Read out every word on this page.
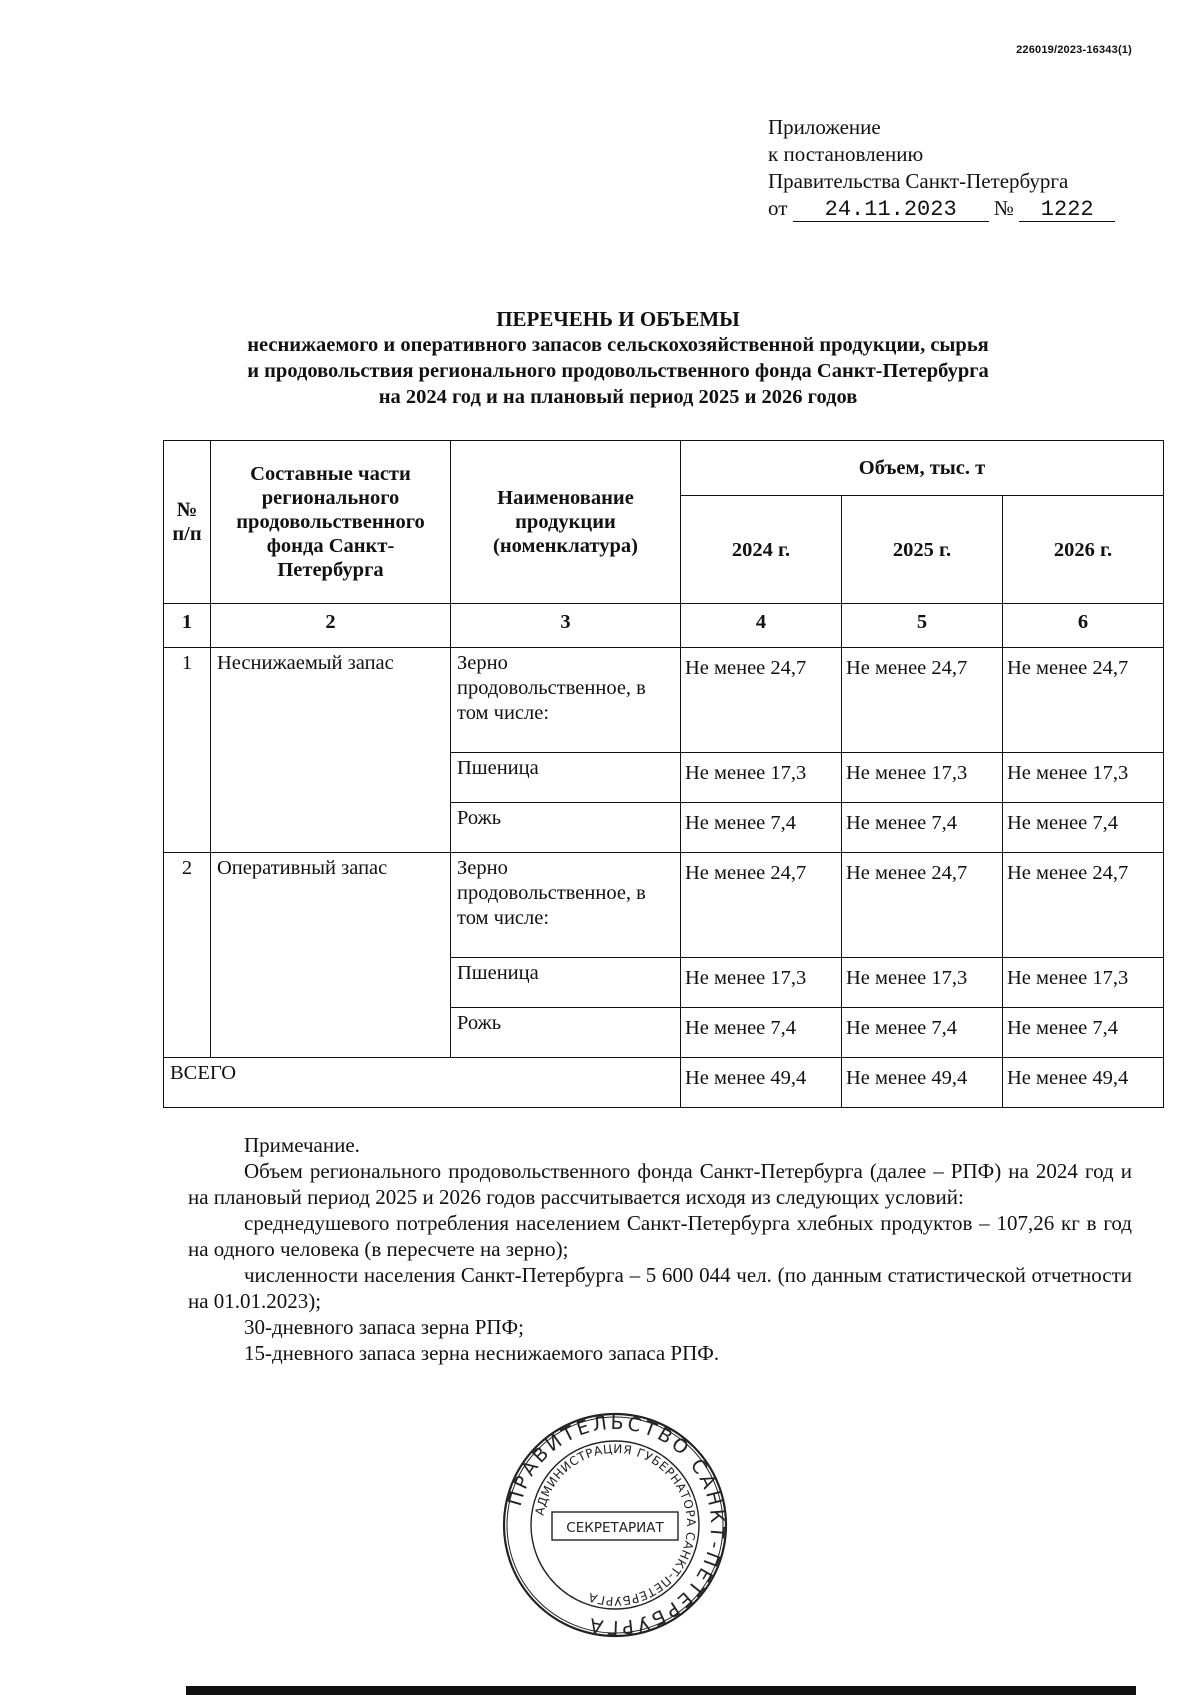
226019/2023-16343(1)
Приложение
к постановлению
Правительства Санкт-Петербурга
от 24.11.2023 № 1222
ПЕРЕЧЕНЬ И ОБЪЕМЫ
неснижаемого и оперативного запасов сельскохозяйственной продукции, сырья
и продовольствия регионального продовольственного фонда Санкт-Петербурга
на 2024 год и на плановый период 2025 и 2026 годов
№ п/п	Составные части регионального продовольственного фонда Санкт-Петербурга	Наименование продукции (номенклатура)	Объем, тыс. т		
			2024 г.	2025 г.	2026 г.
1	2	3	4	5	6
1	Неснижаемый запас	Зерно продовольственное, в том числе:	Не менее 24,7	Не менее 24,7	Не менее 24,7
		Пшеница	Не менее 17,3	Не менее 17,3	Не менее 17,3
		Рожь	Не менее 7,4	Не менее 7,4	Не менее 7,4
2	Оперативный запас	Зерно продовольственное, в том числе:	Не менее 24,7	Не менее 24,7	Не менее 24,7
		Пшеница	Не менее 17,3	Не менее 17,3	Не менее 17,3
		Рожь	Не менее 7,4	Не менее 7,4	Не менее 7,4
ВСЕГО			Не менее 49,4	Не менее 49,4	Не менее 49,4

Примечание.

Объем регионального продовольственного фонда Санкт-Петербурга (далее – РПФ) на 2024 год и на плановый период 2025 и 2026 годов рассчитывается исходя из следующих условий:

среднедушевого потребления населением Санкт-Петербурга хлебных продуктов – 107,26 кг в год на одного человека (в пересчете на зерно);

численности населения Санкт-Петербурга – 5 600 044 чел. (по данным статистической отчетности на 01.01.2023);

30-дневного запаса зерна РПФ;

15-дневного запаса зерна неснижаемого запаса РПФ.

ПРАВИТЕЛЬСТВО САНКТ-ПЕТЕРБУРГА
АДМИНИСТРАЦИЯ ГУБЕРНАТОРА САНКТ-ПЕТЕРБУРГА
СЕКРЕТАРИАТ
